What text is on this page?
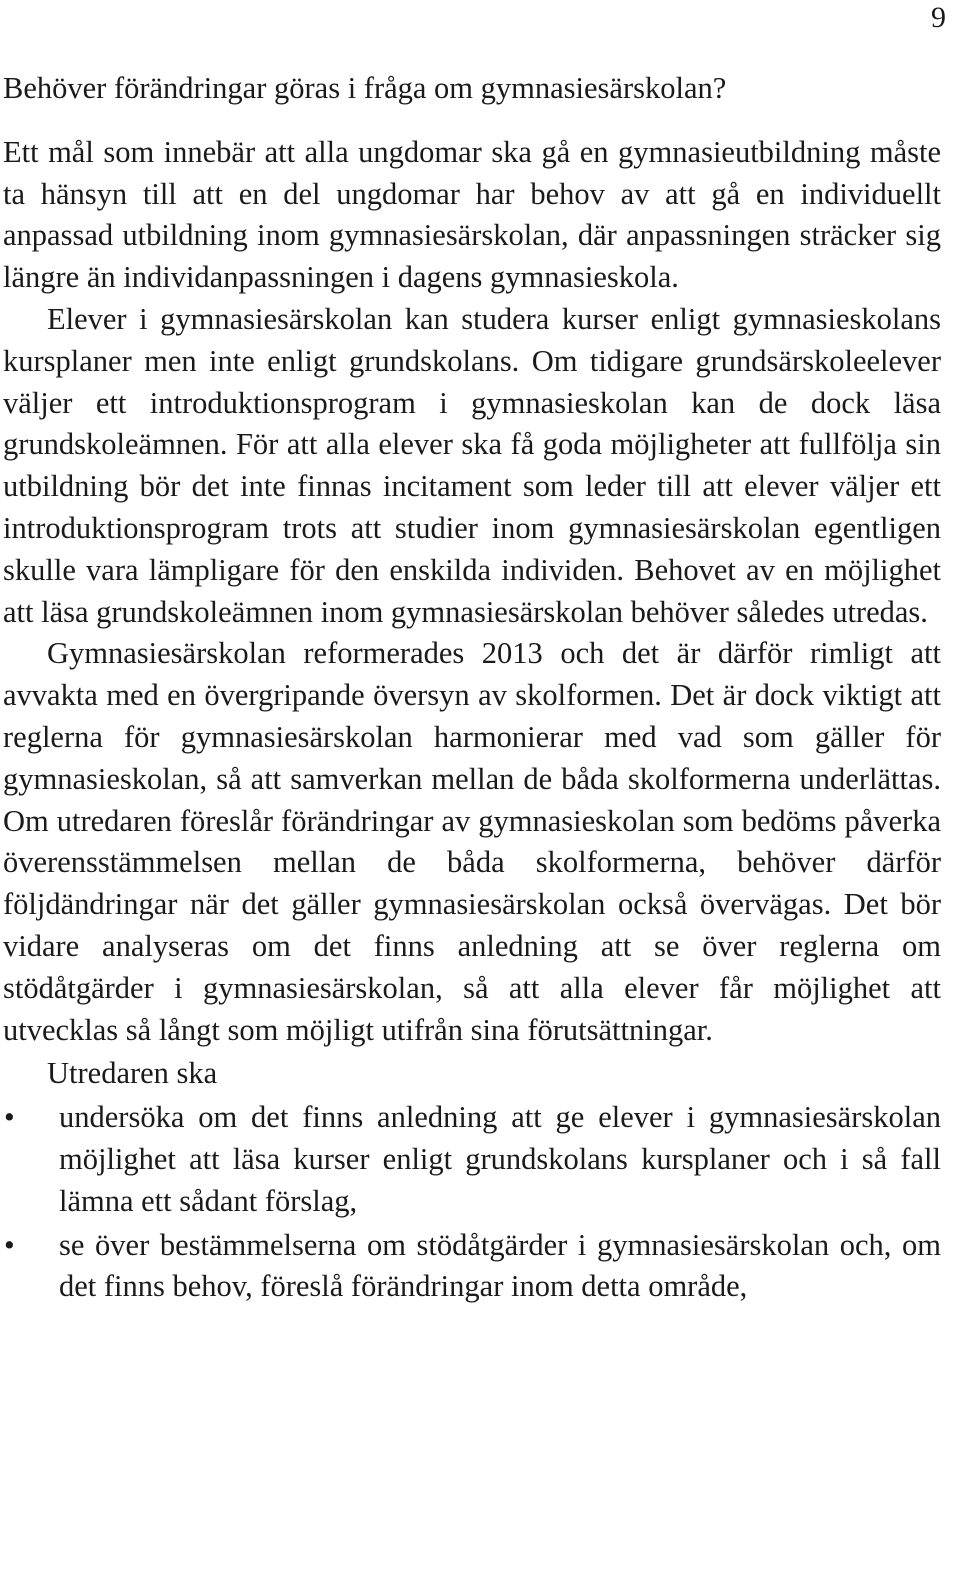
9
Behöver förändringar göras i fråga om gymnasiesärskolan?

Ett mål som innebär att alla ungdomar ska gå en gymnasieutbildning måste ta hänsyn till att en del ungdomar har behov av att gå en individuellt anpassad utbildning inom gymnasiesärskolan, där anpassningen sträcker sig längre än individanpassningen i dagens gymnasieskola.

Elever i gymnasiesärskolan kan studera kurser enligt gymnasieskolans kursplaner men inte enligt grundskolans. Om tidigare grundsärskoleelever väljer ett introduktionsprogram i gymnasieskolan kan de dock läsa grundskoleämnen. För att alla elever ska få goda möjligheter att fullfölja sin utbildning bör det inte finnas incitament som leder till att elever väljer ett introduktionsprogram trots att studier inom gymnasiesärskolan egentligen skulle vara lämpligare för den enskilda individen. Behovet av en möjlighet att läsa grundskoleämnen inom gymnasiesärskolan behöver således utredas.

Gymnasiesärskolan reformerades 2013 och det är därför rimligt att avvakta med en övergripande översyn av skolformen. Det är dock viktigt att reglerna för gymnasiesärskolan harmonierar med vad som gäller för gymnasieskolan, så att samverkan mellan de båda skolformerna underlättas. Om utredaren föreslår förändringar av gymnasieskolan som bedöms påverka överensstämmelsen mellan de båda skolformerna, behöver därför följdändringar när det gäller gymnasiesärskolan också övervägas. Det bör vidare analyseras om det finns anledning att se över reglerna om stödåtgärder i gymnasiesärskolan, så att alla elever får möjlighet att utvecklas så långt som möjligt utifrån sina förutsättningar.

Utredaren ska

• undersöka om det finns anledning att ge elever i gymnasiesärskolan möjlighet att läsa kurser enligt grundskolans kursplaner och i så fall lämna ett sådant förslag,
• se över bestämmelserna om stödåtgärder i gymnasiesärskolan och, om det finns behov, föreslå förändringar inom detta område,
